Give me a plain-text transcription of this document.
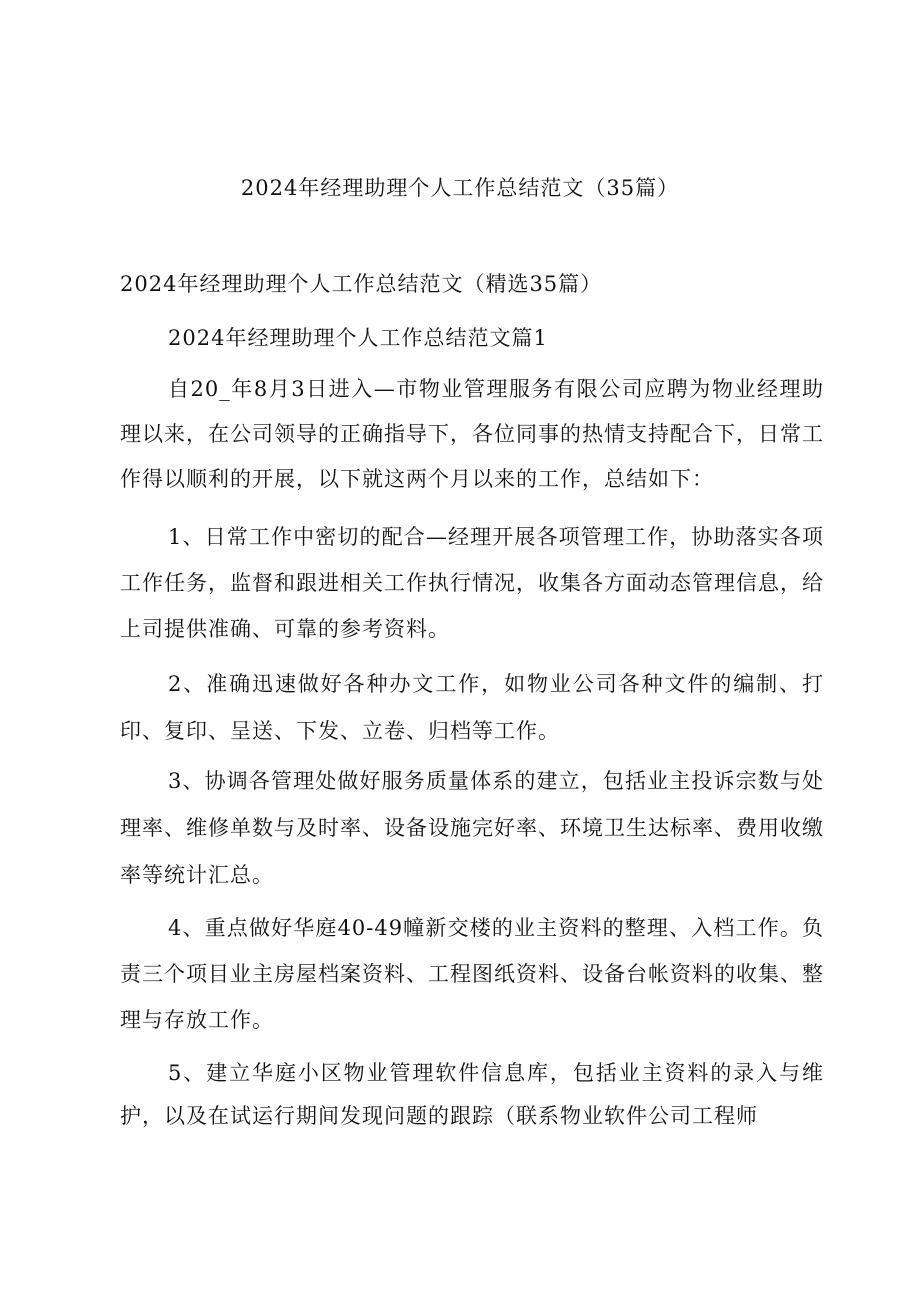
2024年经理助理个人工作总结范文（35篇）
2024年经理助理个人工作总结范文（精选35篇）
2024年经理助理个人工作总结范文篇1

自20_年8月3日进入—市物业管理服务有限公司应聘为物业经理助理以来，在公司领导的正确指导下，各位同事的热情支持配合下，日常工作得以顺利的开展，以下就这两个月以来的工作，总结如下：

1、日常工作中密切的配合—经理开展各项管理工作，协助落实各项工作任务，监督和跟进相关工作执行情况，收集各方面动态管理信息，给上司提供准确、可靠的参考资料。

2、准确迅速做好各种办文工作，如物业公司各种文件的编制、打印、复印、呈送、下发、立卷、归档等工作。

3、协调各管理处做好服务质量体系的建立，包括业主投诉宗数与处理率、维修单数与及时率、设备设施完好率、环境卫生达标率、费用收缴率等统计汇总。

4、重点做好华庭40-49幢新交楼的业主资料的整理、入档工作。负责三个项目业主房屋档案资料、工程图纸资料、设备台帐资料的收集、整理与存放工作。

5、建立华庭小区物业管理软件信息库，包括业主资料的录入与维护，以及在试运行期间发现问题的跟踪（联系物业软件公司工程师
